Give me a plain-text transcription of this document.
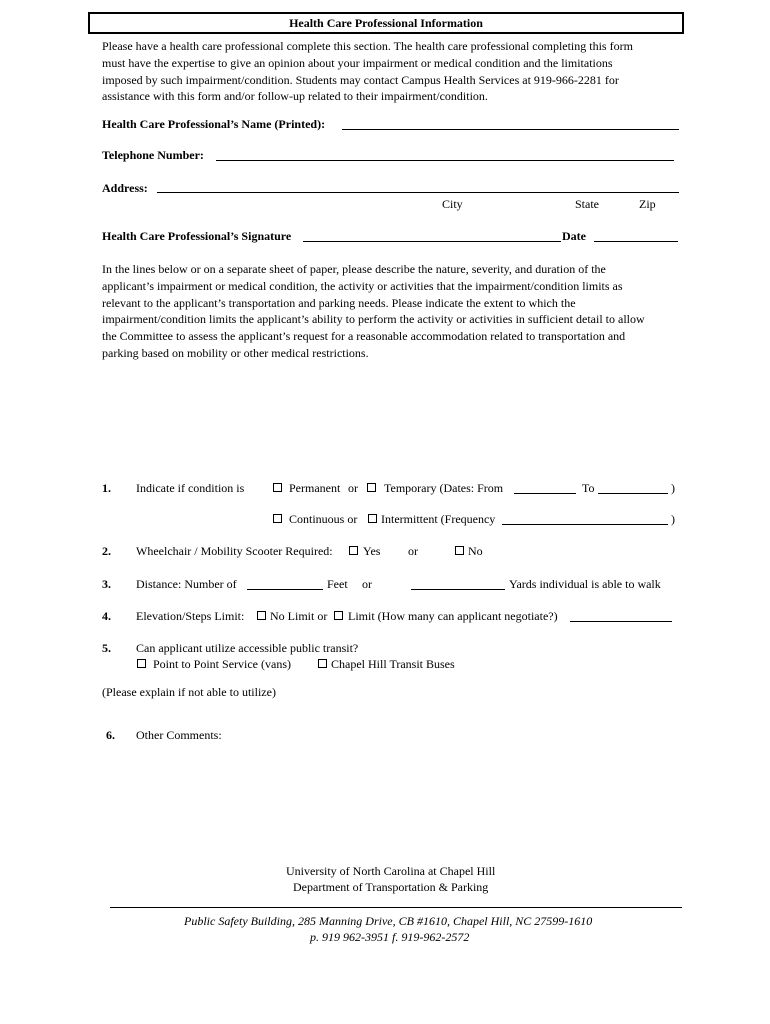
Health Care Professional Information
Please have a health care professional complete this section. The health care professional completing this form
must have the expertise to give an opinion about your impairment or medical condition and the limitations
imposed by such impairment/condition. Students may contact Campus Health Services at 919-966-2281 for
assistance with this form and/or follow-up related to their impairment/condition.
Health Care Professional’s Name (Printed):
Telephone Number:
Address:
City	State	Zip
Health Care Professional’s Signature	Date
In the lines below or on a separate sheet of paper, please describe the nature, severity, and duration of the
applicant’s impairment or medical condition, the activity or activities that the impairment/condition limits as
relevant to the applicant’s transportation and parking needs. Please indicate the extent to which the
impairment/condition limits the applicant’s ability to perform the activity or activities in sufficient detail to allow
the Committee to assess the applicant’s request for a reasonable accommodation related to transportation and
parking based on mobility or other medical restrictions.
1. Indicate if condition is	Permanent or Temporary (Dates: From	To	)
Continuous or Intermittent (Frequency	)
2. Wheelchair / Mobility Scooter Required:	Yes or	No
3. Distance: Number of	Feet or	Yards individual is able to walk
4. Elevation/Steps Limit: No Limit or Limit (How many can applicant negotiate?)
5. Can applicant utilize accessible public transit?
Point to Point Service (vans)	Chapel Hill Transit Buses
(Please explain if not able to utilize)
6. Other Comments:
University of North Carolina at Chapel Hill
Department of Transportation & Parking
Public Safety Building, 285 Manning Drive, CB #1610, Chapel Hill, NC 27599-1610
p. 919 962-3951 f. 919-962-2572
